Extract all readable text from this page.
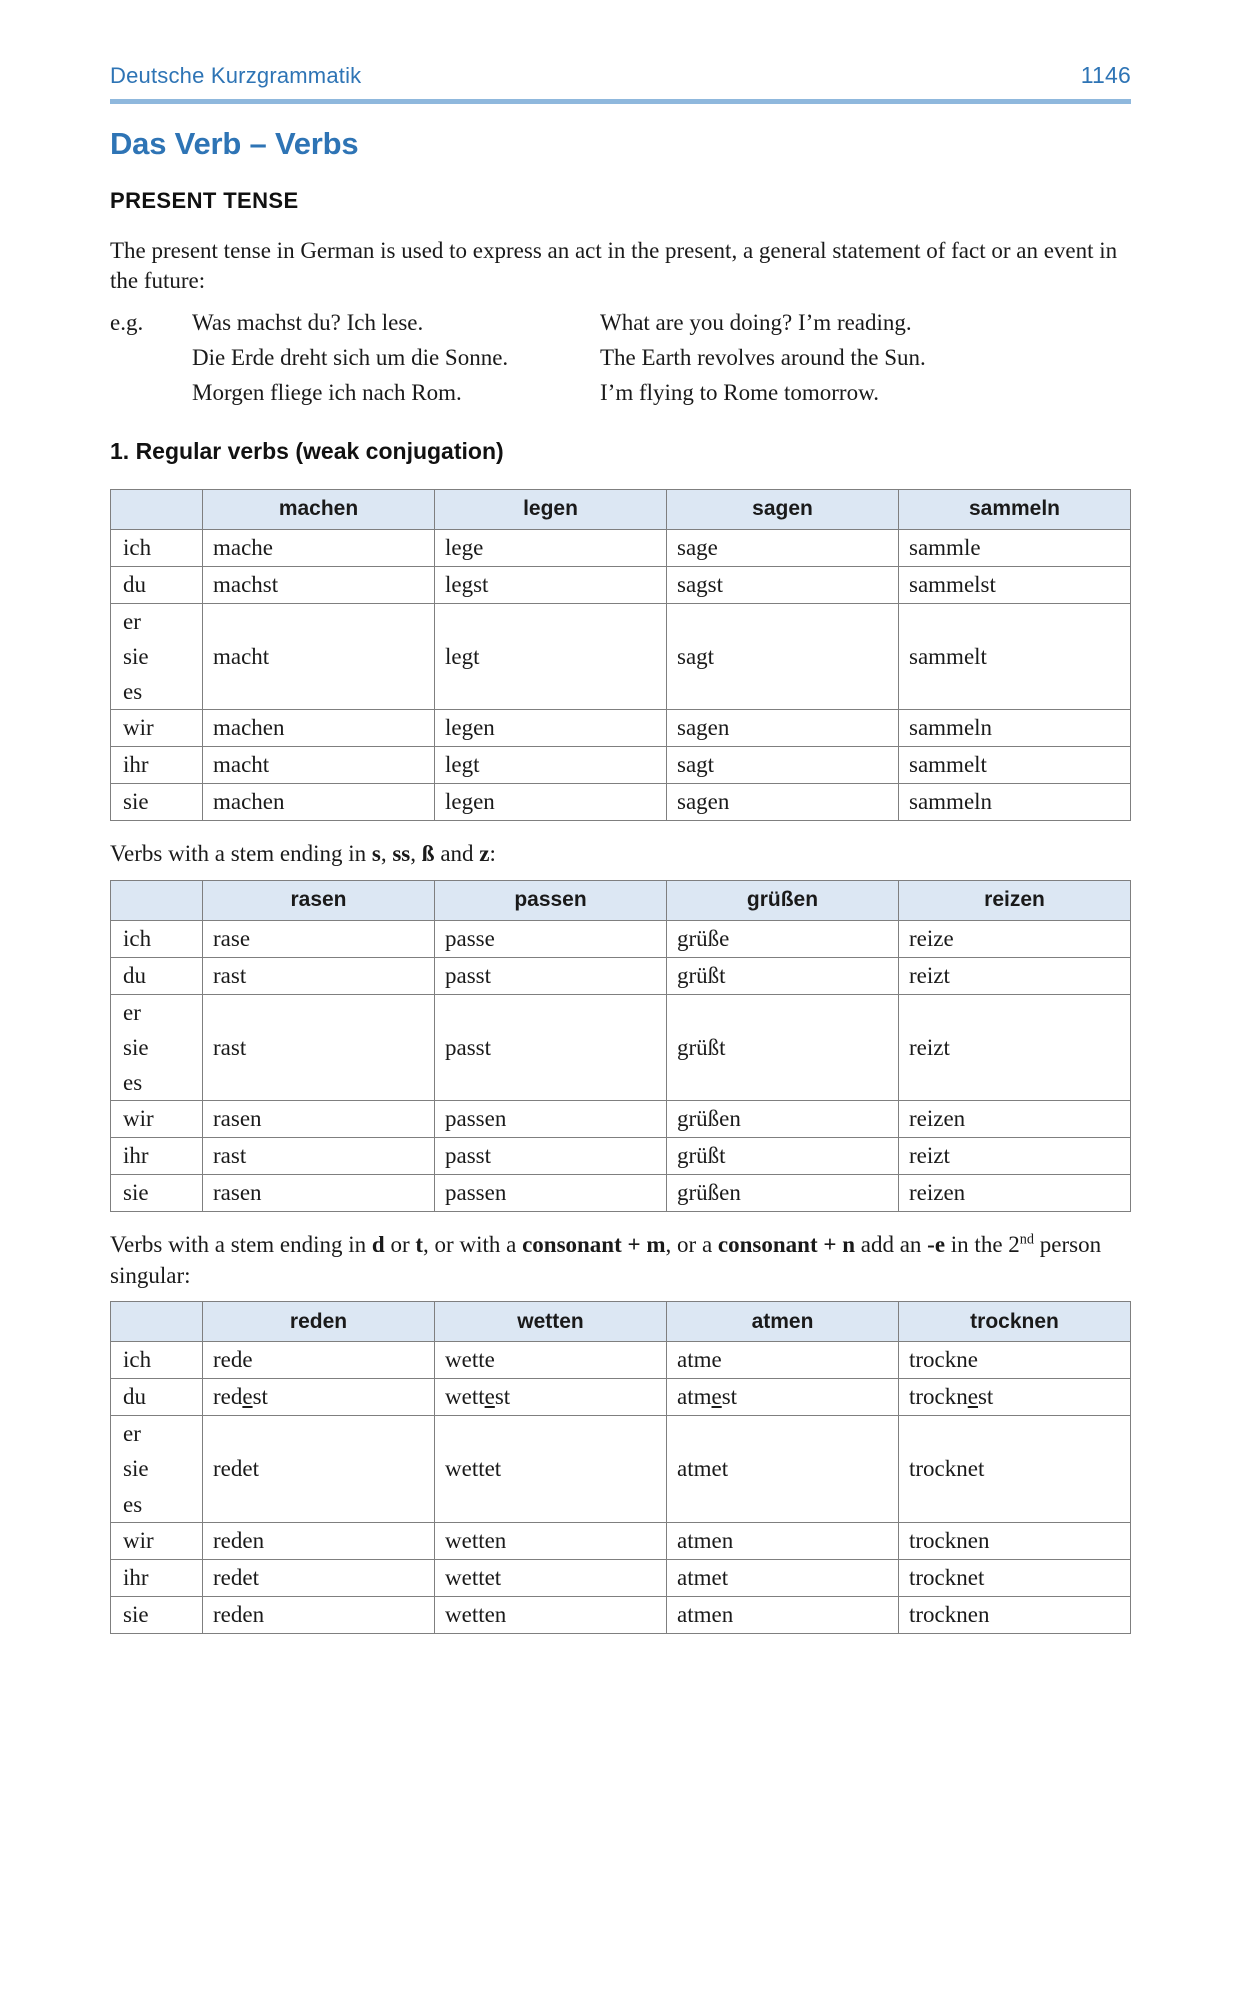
Deutsche Kurzgrammatik	1146
Das Verb – Verbs
PRESENT TENSE

The present tense in German is used to express an act in the present, a general statement of fact or an event in the future:

e.g.	Was machst du? Ich lese.	What are you doing? I’m reading.
Die Erde dreht sich um die Sonne.	The Earth revolves around the Sun.
Morgen fliege ich nach Rom.	I’m flying to Rome tomorrow.
1. Regular verbs (weak conjugation)
	machen	legen	sagen	sammeln
ich	mache	lege	sage	sammle
du	machst	legst	sagst	sammelst

er
sie
es	macht	legt	sagt	sammelt
wir	machen	legen	sagen	sammeln
ihr	macht	legt	sagt	sammelt
sie	machen	legen	sagen	sammeln

Verbs with a stem ending in s, ss, ß and z:

	rasen	passen	grüßen	reizen
ich	rase	passe	grüße	reize
du	rast	passt	grüßt	reizt

er
sie
es	rast	passt	grüßt	reizt
wir	rasen	passen	grüßen	reizen
ihr	rast	passt	grüßt	reizt
sie	rasen	passen	grüßen	reizen

Verbs with a stem ending in d or t, or with a consonant + m, or a consonant + n add an -e in the 2nd person singular:

	reden	wetten	atmen	trocknen
ich	rede	wette	atme	trockne
du	redest	wettest	atmest	trocknest

er
sie
es	redet	wettet	atmet	trocknet
wir	reden	wetten	atmen	trocknen
ihr	redet	wettet	atmet	trocknet
sie	reden	wetten	atmen	trocknen
